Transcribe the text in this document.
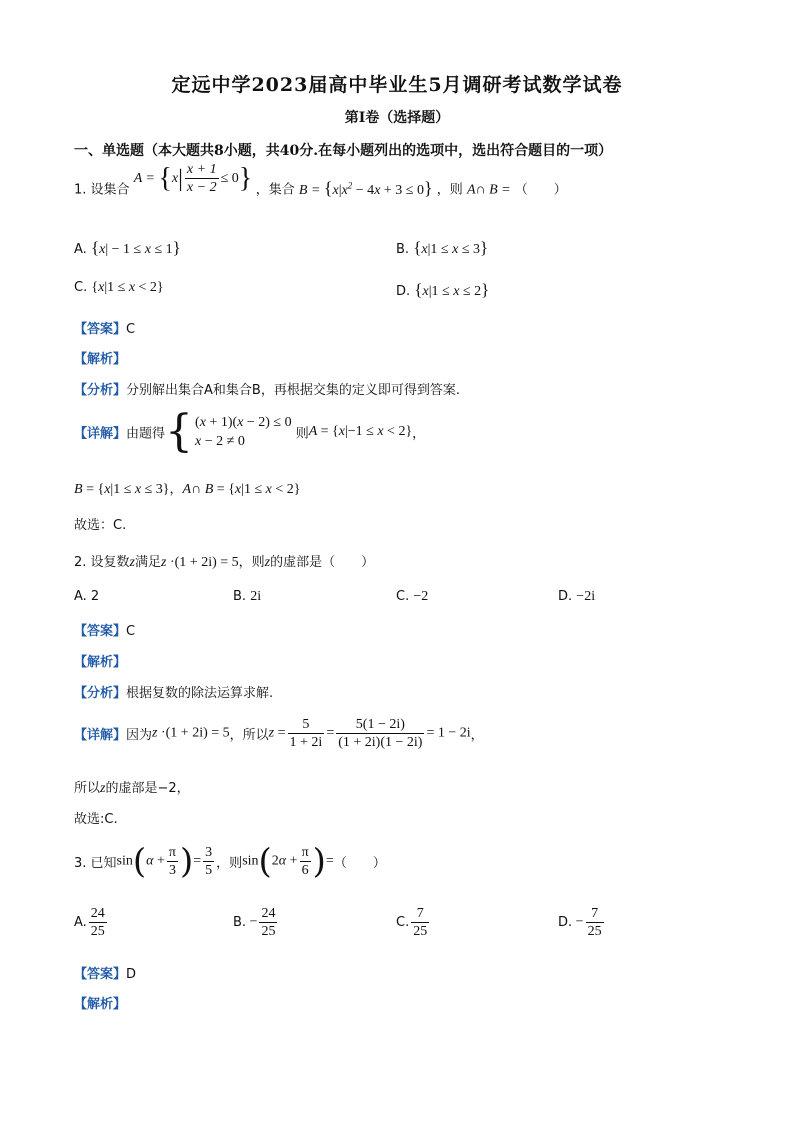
定远中学2023届高中毕业生5月调研考试数学试卷
第I卷（选择题）
一、单选题（本大题共8小题，共40分.在每小题列出的选项中，选出符合题目的一项）
1. 设集合 $A = \{x| \frac{x + 1}{x - 2} \le 0\}$ ，集合 $B = \{x|x^2 - 4x + 3 \le 0\}$ ，则 A∩ B = （　　）
A. {x| − 1 ≤ x ≤ 1}	B. {x|1 ≤ x ≤ 3}
C. {x|1 ≤ x < 2}	D. {x|1 ≤ x ≤ 2}
【答案】C
【解析】
【分析】分别解出集合A和集合B，再根据交集的定义即可得到答案.
【详解】由题得{ (x + 1)(x − 2) ≤ 0
x − 2 ≠ 0	则A = {x|−1 ≤ x < 2}，
B = {x|1 ≤ x ≤ 3}，A∩ B = {x|1 ≤ x < 2}
故选：C.
2. 设复数z满足z ·(1 + 2i) = 5，则z的虚部是（　　）
A. 2	B. 2i	C. −2	D. −2i
【答案】C
【解析】
【分析】根据复数的除法运算求解.
【详解】因为z ·(1 + 2i) = 5，所以$z = \frac{5}{1 + 2i} = \frac{5(1 - 2i)}{(1 + 2i)(1 - 2i)} = 1 - 2i$，
所以z的虚部是−2，
故选:C.
3. 已知$\sin(\alpha + \frac{\pi}{3}$ )= $\frac{3}{5}$ ，则$\sin(2\alpha + \frac{\pi}{6}$ )=（　　）
A. $\frac{24}{25}$	B. − $\frac{24}{25}$	C. $\frac{7}{25}$	D. − $\frac{7}{25}$
【答案】D
【解析】
